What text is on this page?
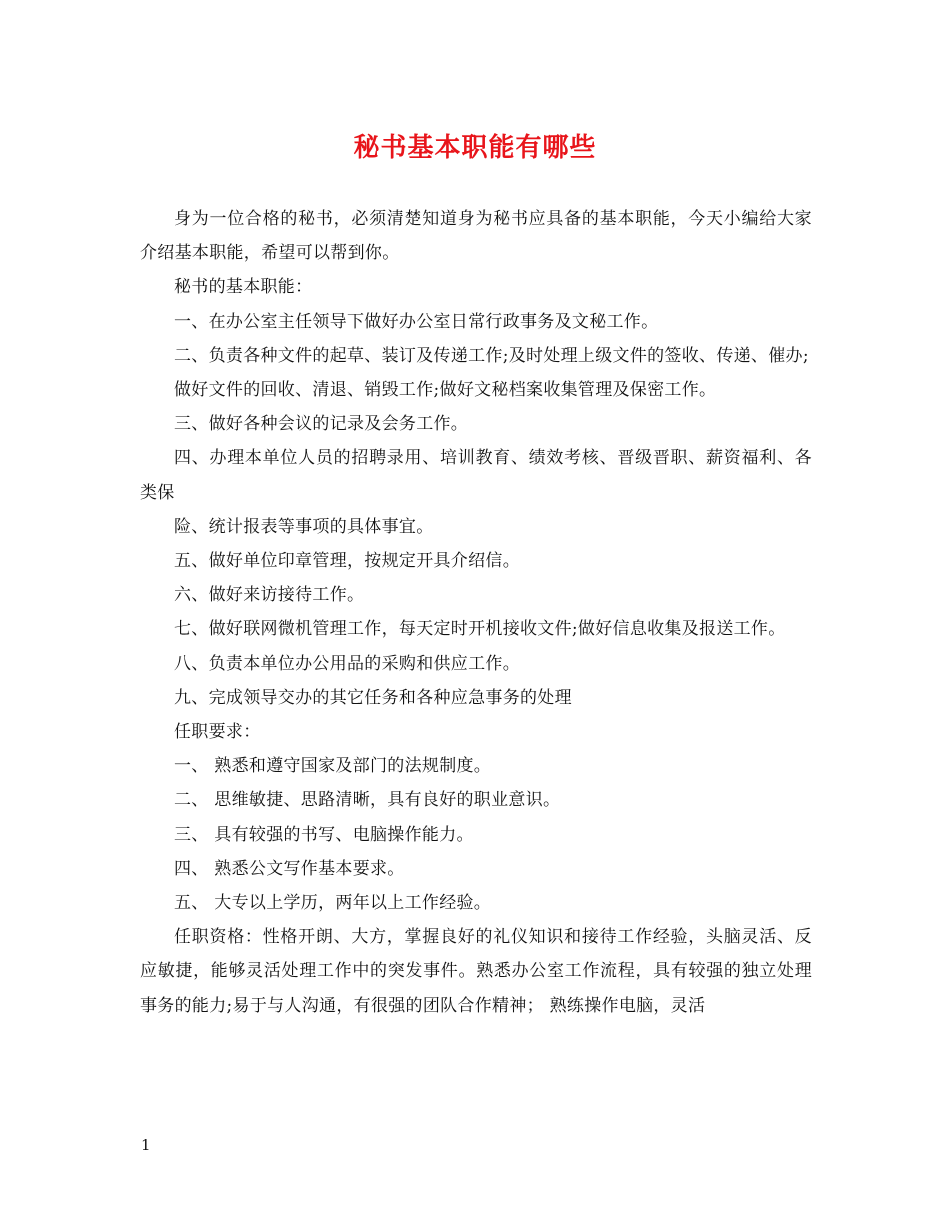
秘书基本职能有哪些

身为一位合格的秘书，必须清楚知道身为秘书应具备的基本职能，今天小编给大家介绍基本职能，希望可以帮到你。

秘书的基本职能：

一、在办公室主任领导下做好办公室日常行政事务及文秘工作。

二、负责各种文件的起草、装订及传递工作;及时处理上级文件的签收、传递、催办;

做好文件的回收、清退、销毁工作;做好文秘档案收集管理及保密工作。

三、做好各种会议的记录及会务工作。

四、办理本单位人员的招聘录用、培训教育、绩效考核、晋级晋职、薪资福利、各类保

险、统计报表等事项的具体事宜。

五、做好单位印章管理，按规定开具介绍信。

六、做好来访接待工作。

七、做好联网微机管理工作，每天定时开机接收文件;做好信息收集及报送工作。

八、负责本单位办公用品的采购和供应工作。

九、完成领导交办的其它任务和各种应急事务的处理

任职要求：

一、 熟悉和遵守国家及部门的法规制度。

二、 思维敏捷、思路清晰，具有良好的职业意识。

三、 具有较强的书写、电脑操作能力。

四、 熟悉公文写作基本要求。

五、 大专以上学历，两年以上工作经验。

任职资格：性格开朗、大方，掌握良好的礼仪知识和接待工作经验，头脑灵活、反应敏捷，能够灵活处理工作中的突发事件。熟悉办公室工作流程，具有较强的独立处理事务的能力;易于与人沟通，有很强的团队合作精神； 熟练操作电脑，灵活

1
